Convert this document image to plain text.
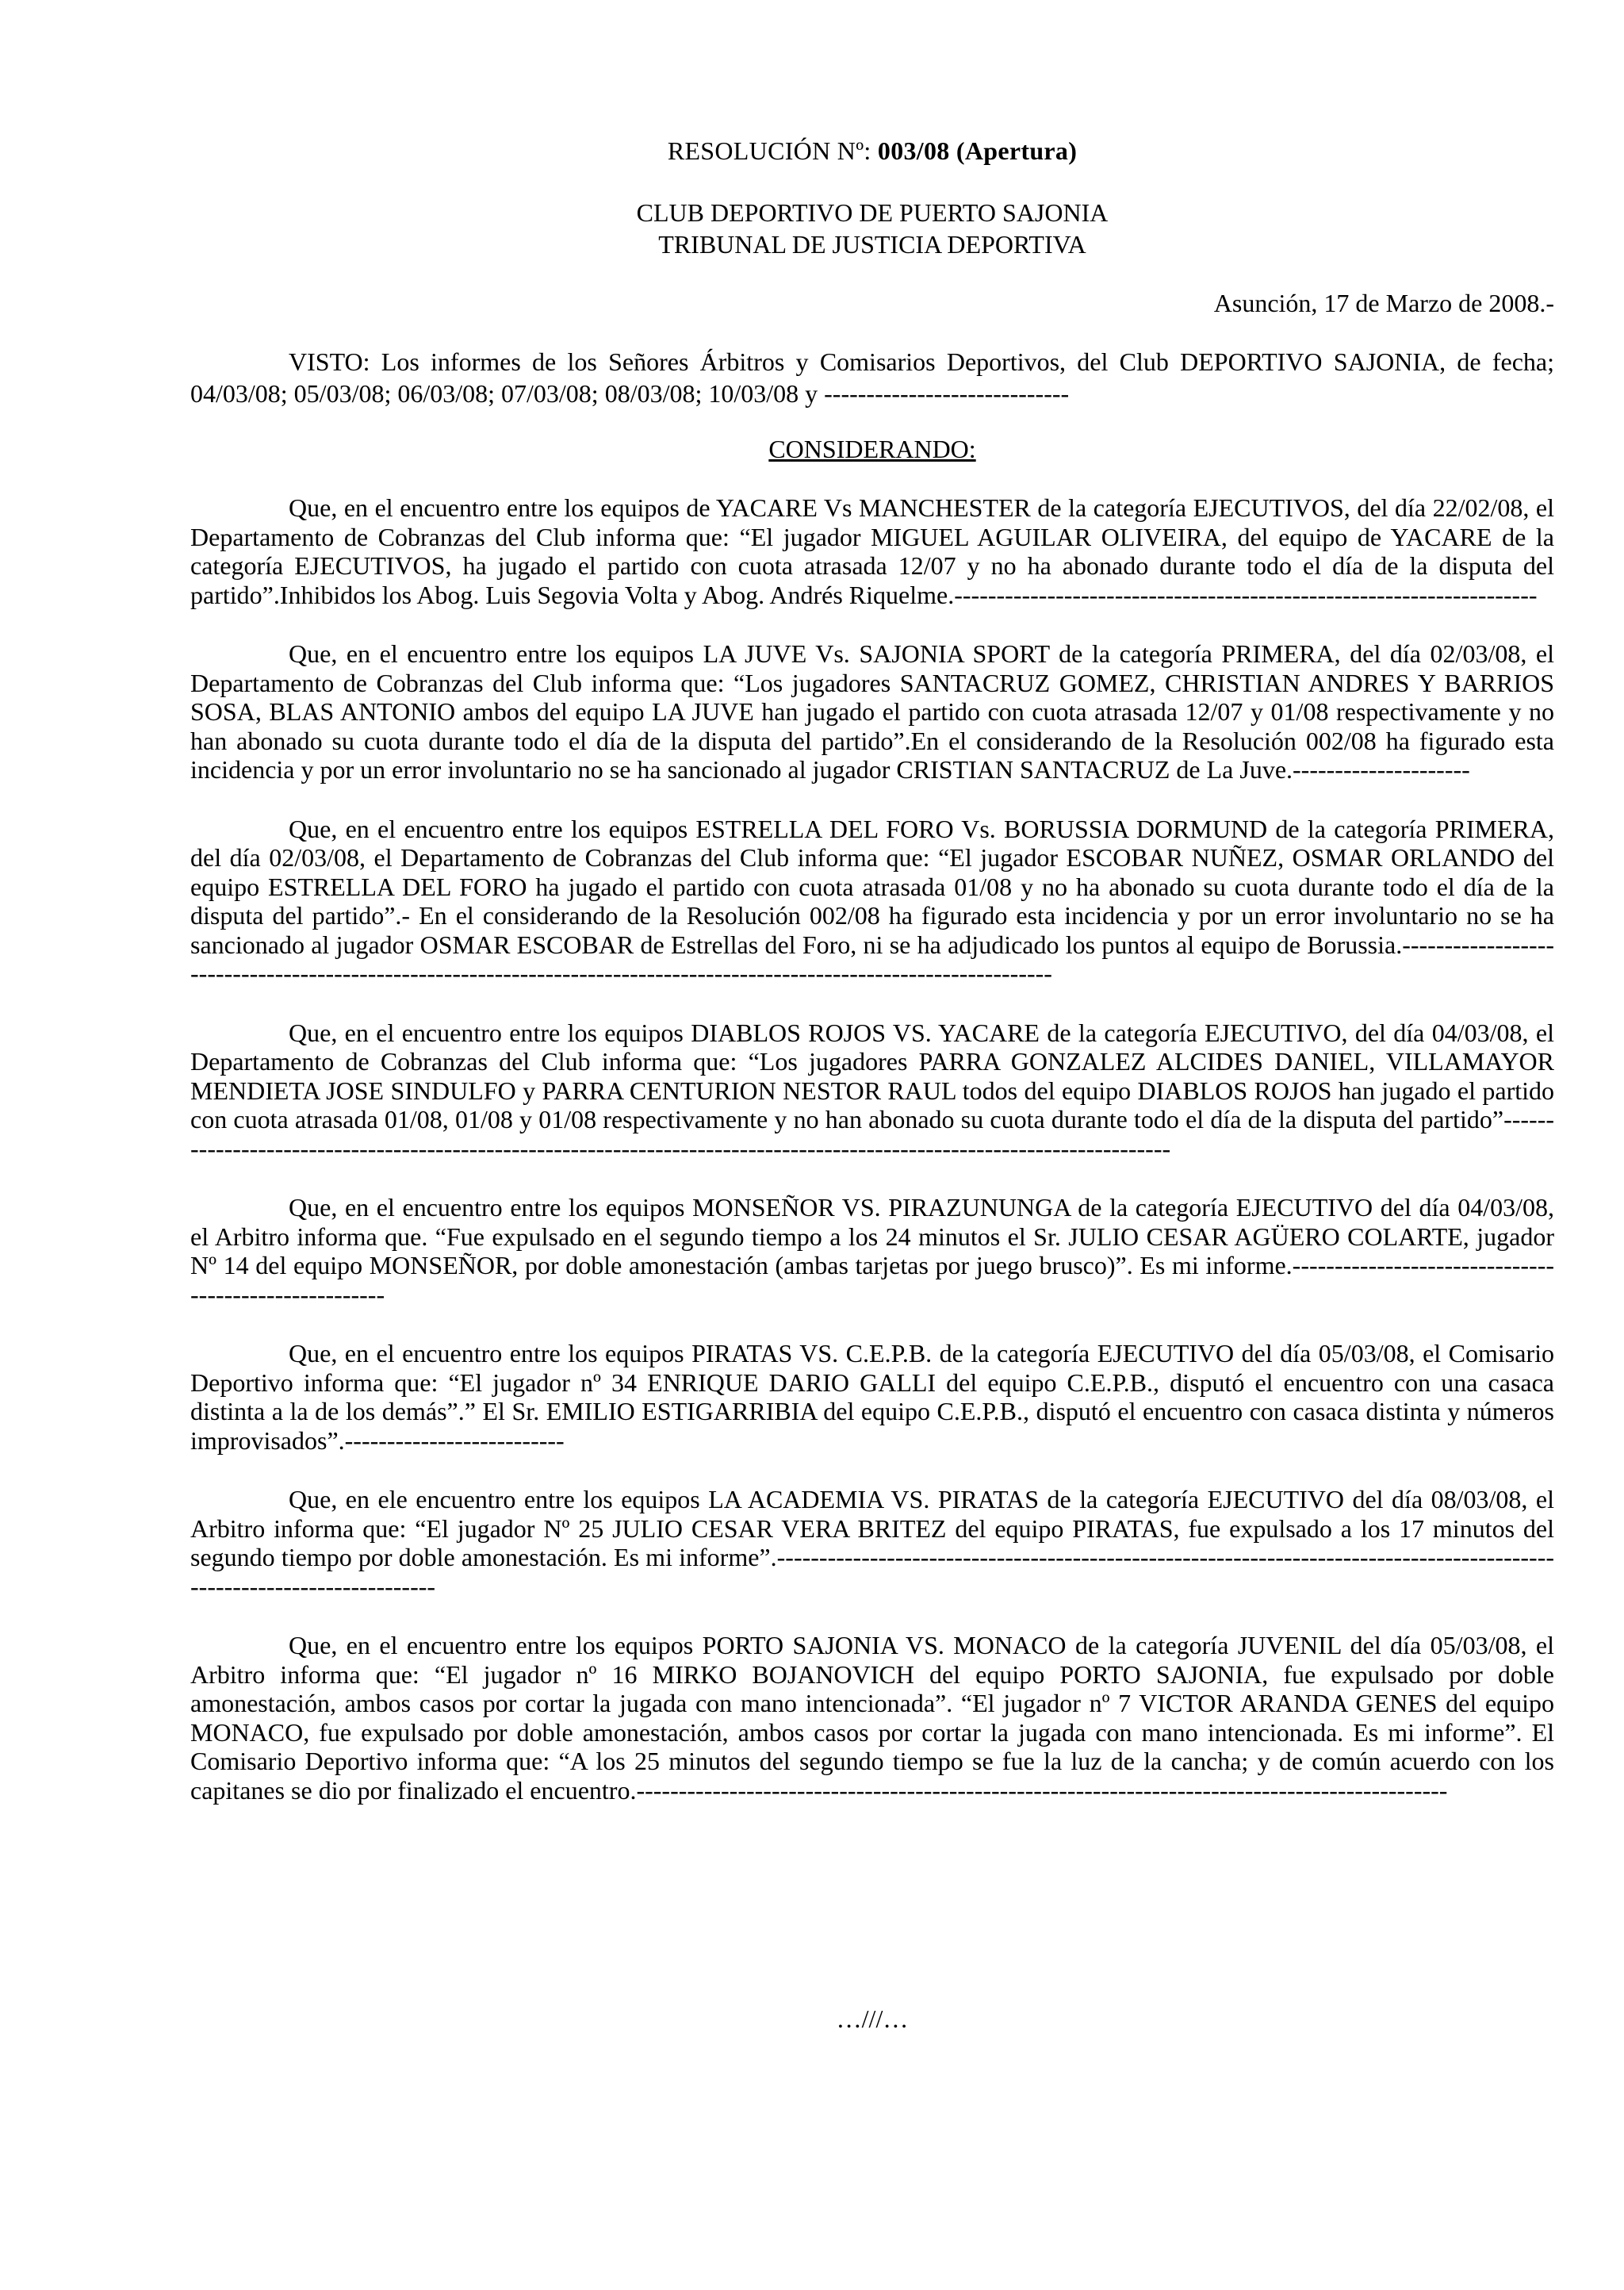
RESOLUCIÓN Nº: 003/08 (Apertura)
CLUB DEPORTIVO DE PUERTO SAJONIA
TRIBUNAL DE JUSTICIA DEPORTIVA
Asunción, 17 de Marzo de 2008.-
VISTO: Los informes de los Señores Árbitros y Comisarios Deportivos, del Club DEPORTIVO SAJONIA, de fecha; 04/03/08; 05/03/08; 06/03/08; 07/03/08; 08/03/08; 10/03/08 y -----------------------------
CONSIDERANDO:

Que, en el encuentro entre los equipos de YACARE Vs MANCHESTER de la categoría EJECUTIVOS, del día 22/02/08, el Departamento de Cobranzas del Club informa que: “El jugador MIGUEL AGUILAR OLIVEIRA, del equipo de YACARE de la categoría EJECUTIVOS, ha jugado el partido con cuota atrasada 12/07 y no ha abonado durante todo el día de la disputa del partido”.Inhibidos los Abog. Luis Segovia Volta y Abog. Andrés Riquelme.---------------------------------------------------------------------

Que, en el encuentro entre los equipos LA JUVE Vs. SAJONIA SPORT de la categoría PRIMERA, del día 02/03/08, el Departamento de Cobranzas del Club informa que: “Los jugadores SANTACRUZ GOMEZ, CHRISTIAN ANDRES Y BARRIOS SOSA, BLAS ANTONIO ambos del equipo LA JUVE han jugado el partido con cuota atrasada 12/07 y 01/08 respectivamente y no han abonado su cuota durante todo el día de la disputa del partido”.En el considerando de la Resolución 002/08 ha figurado esta incidencia y por un error involuntario no se ha sancionado al jugador CRISTIAN SANTACRUZ de La Juve.---------------------

Que, en el encuentro entre los equipos ESTRELLA DEL FORO Vs. BORUSSIA DORMUND de la categoría PRIMERA, del día 02/03/08, el Departamento de Cobranzas del Club informa que: “El jugador ESCOBAR NUÑEZ, OSMAR ORLANDO del equipo ESTRELLA DEL FORO ha jugado el partido con cuota atrasada 01/08 y no ha abonado su cuota durante todo el día de la disputa del partido”.- En el considerando de la Resolución 002/08 ha figurado esta incidencia y por un error involuntario no se ha sancionado al jugador OSMAR ESCOBAR de Estrellas del Foro, ni se ha adjudicado los puntos al equipo de Borussia.------------------------------------------------------------------------------------------------------------------------

Que, en el encuentro entre los equipos DIABLOS ROJOS VS. YACARE de la categoría EJECUTIVO, del día 04/03/08, el Departamento de Cobranzas del Club informa que: “Los jugadores PARRA GONZALEZ ALCIDES DANIEL, VILLAMAYOR MENDIETA JOSE SINDULFO y PARRA CENTURION NESTOR RAUL todos del equipo DIABLOS ROJOS han jugado el partido con cuota atrasada 01/08, 01/08 y 01/08 respectivamente y no han abonado su cuota durante todo el día de la disputa del partido”--------------------------------------------------------------------------------------------------------------------------

Que, en el encuentro entre los equipos MONSEÑOR VS. PIRAZUNUNGA de la categoría EJECUTIVO del día 04/03/08, el Arbitro informa que. “Fue expulsado en el segundo tiempo a los 24 minutos el Sr. JULIO CESAR AGÜERO COLARTE, jugador Nº 14 del equipo MONSEÑOR, por doble amonestación (ambas tarjetas por juego brusco)”. Es mi informe.------------------------------------------------------

Que, en el encuentro entre los equipos PIRATAS VS. C.E.P.B. de la categoría EJECUTIVO del día 05/03/08, el Comisario Deportivo informa que: “El jugador nº 34 ENRIQUE DARIO GALLI del equipo C.E.P.B., disputó el encuentro con una casaca distinta a la de los demás”.” El Sr. EMILIO ESTIGARRIBIA del equipo C.E.P.B., disputó el encuentro con casaca distinta y números improvisados”.--------------------------

Que, en ele encuentro entre los equipos LA ACADEMIA VS. PIRATAS de la categoría EJECUTIVO del día 08/03/08, el Arbitro informa que: “El jugador Nº 25 JULIO CESAR VERA BRITEZ del equipo PIRATAS, fue expulsado a los 17 minutos del segundo tiempo por doble amonestación. Es mi informe”.-------------------------------------------------------------------------------------------------------------------------

Que, en el encuentro entre los equipos PORTO SAJONIA VS. MONACO de la categoría JUVENIL del día 05/03/08, el Arbitro informa que: “El jugador nº 16 MIRKO BOJANOVICH del equipo PORTO SAJONIA, fue expulsado por doble amonestación, ambos casos por cortar la jugada con mano intencionada”. “El jugador nº 7 VICTOR ARANDA GENES del equipo MONACO, fue expulsado por doble amonestación, ambos casos por cortar la jugada con mano intencionada. Es mi informe”. El Comisario Deportivo informa que: “A los 25 minutos del segundo tiempo se fue la luz de la cancha; y de común acuerdo con los capitanes se dio por finalizado el encuentro.------------------------------------------------------------------------------------------------

…///…
